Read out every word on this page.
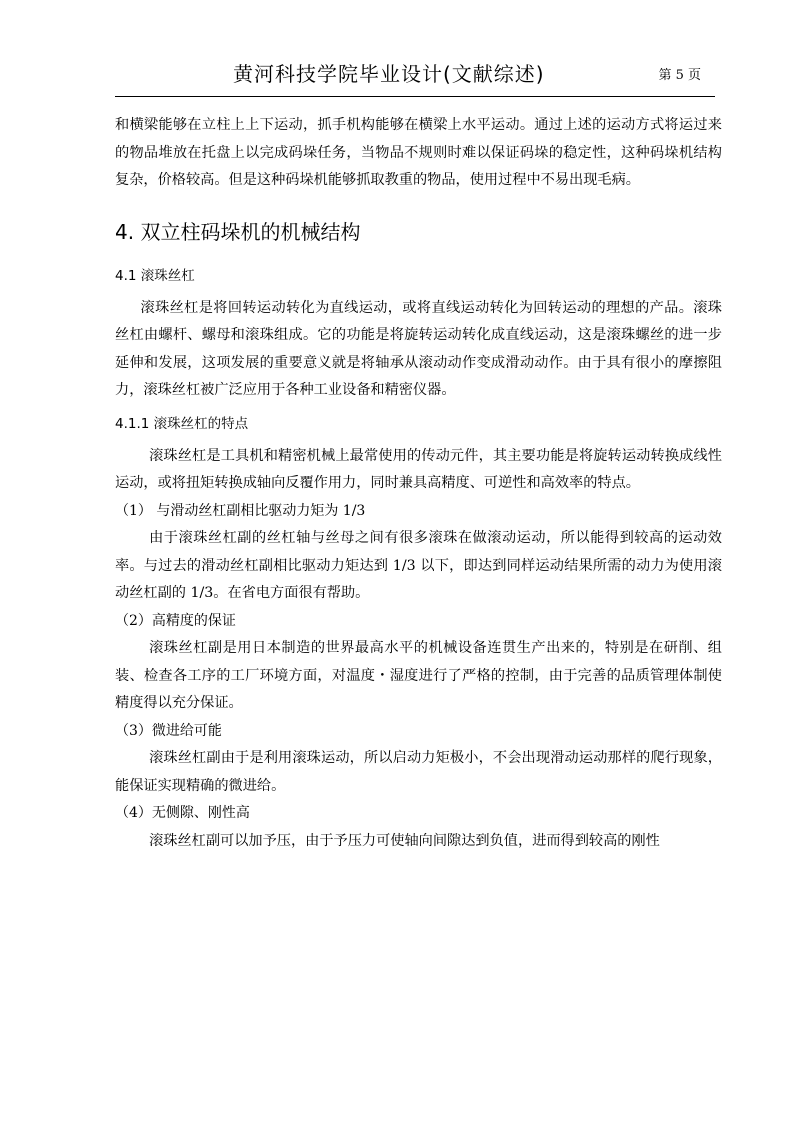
黄河科技学院毕业设计(文献综述)	第 5 页

和横梁能够在立柱上上下运动，抓手机构能够在横梁上水平运动。通过上述的运动方式将运过来的物品堆放在托盘上以完成码垛任务，当物品不规则时难以保证码垛的稳定性，这种码垛机结构复杂，价格较高。但是这种码垛机能够抓取教重的物品，使用过程中不易出现毛病。

4. 双立柱码垛机的机械结构
4.1 滚珠丝杠

滚珠丝杠是将回转运动转化为直线运动，或将直线运动转化为回转运动的理想的产品。滚珠丝杠由螺杆、螺母和滚珠组成。它的功能是将旋转运动转化成直线运动，这是滚珠螺丝的进一步延伸和发展，这项发展的重要意义就是将轴承从滚动动作变成滑动动作。由于具有很小的摩擦阻力，滚珠丝杠被广泛应用于各种工业设备和精密仪器。

4.1.1 滚珠丝杠的特点

滚珠丝杠是工具机和精密机械上最常使用的传动元件，其主要功能是将旋转运动转换成线性运动，或将扭矩转换成轴向反覆作用力，同时兼具高精度、可逆性和高效率的特点。

（1） 与滑动丝杠副相比驱动力矩为 1/3

由于滚珠丝杠副的丝杠轴与丝母之间有很多滚珠在做滚动运动，所以能得到较高的运动效率。与过去的滑动丝杠副相比驱动力矩达到 1/3 以下，即达到同样运动结果所需的动力为使用滚动丝杠副的 1/3。在省电方面很有帮助。

（2）高精度的保证

滚珠丝杠副是用日本制造的世界最高水平的机械设备连贯生产出来的，特别是在研削、组装、检查各工序的工厂环境方面，对温度・湿度进行了严格的控制，由于完善的品质管理体制使精度得以充分保证。

（3）微进给可能

滚珠丝杠副由于是利用滚珠运动，所以启动力矩极小，不会出现滑动运动那样的爬行现象，能保证实现精确的微进给。

（4）无侧隙、刚性高

滚珠丝杠副可以加予压，由于予压力可使轴向间隙达到负值，进而得到较高的刚性
